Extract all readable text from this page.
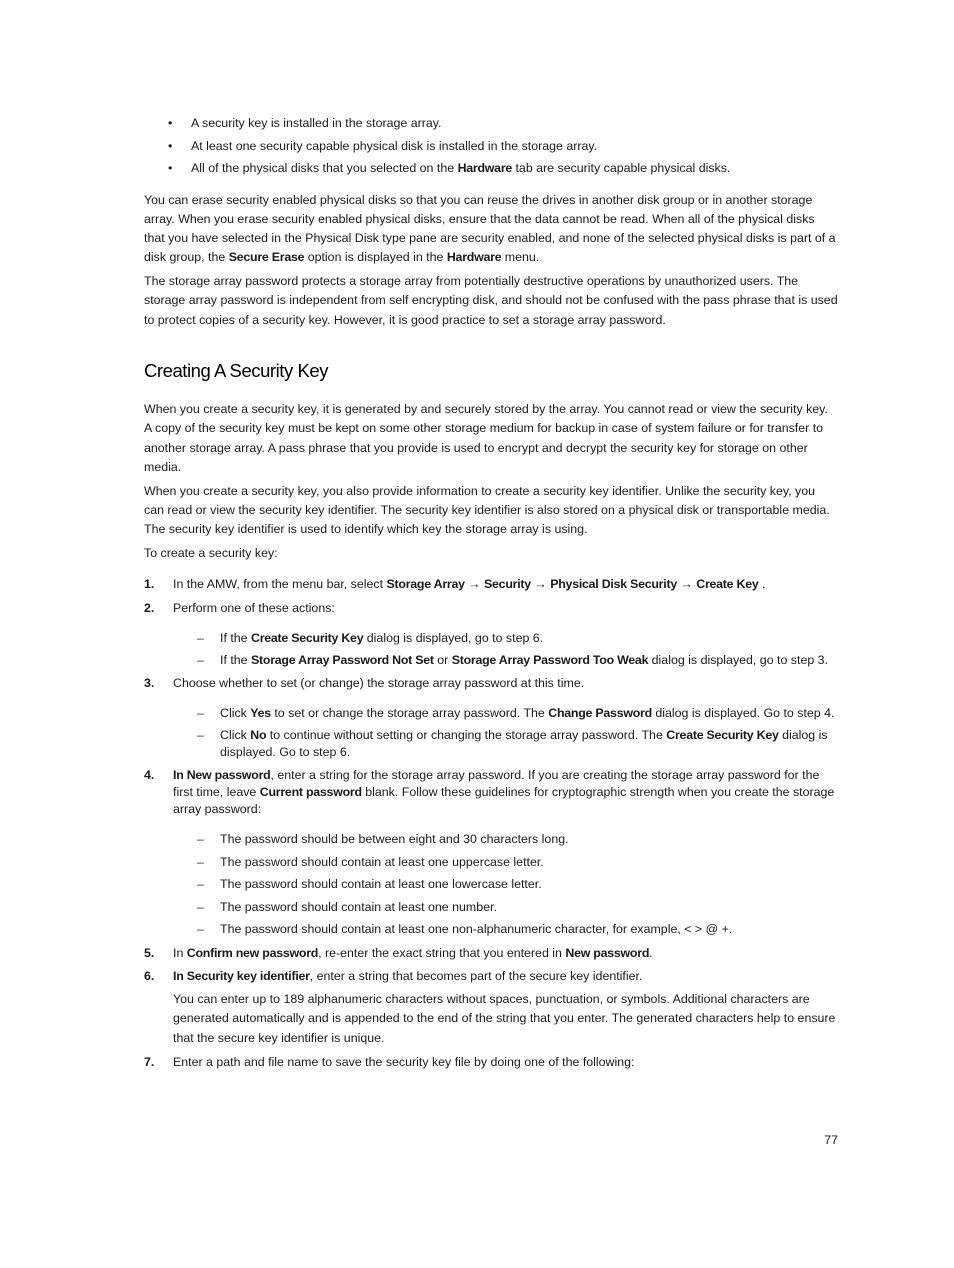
• A security key is installed in the storage array.
• At least one security capable physical disk is installed in the storage array.
• All of the physical disks that you selected on the Hardware tab are security capable physical disks.

You can erase security enabled physical disks so that you can reuse the drives in another disk group or in another storage array. When you erase security enabled physical disks, ensure that the data cannot be read. When all of the physical disks that you have selected in the Physical Disk type pane are security enabled, and none of the selected physical disks is part of a disk group, the Secure Erase option is displayed in the Hardware menu.

The storage array password protects a storage array from potentially destructive operations by unauthorized users. The storage array password is independent from self encrypting disk, and should not be confused with the pass phrase that is used to protect copies of a security key. However, it is good practice to set a storage array password.

Creating A Security Key

When you create a security key, it is generated by and securely stored by the array. You cannot read or view the security key. A copy of the security key must be kept on some other storage medium for backup in case of system failure or for transfer to another storage array. A pass phrase that you provide is used to encrypt and decrypt the security key for storage on other media.

When you create a security key, you also provide information to create a security key identifier. Unlike the security key, you can read or view the security key identifier. The security key identifier is also stored on a physical disk or transportable media. The security key identifier is used to identify which key the storage array is using.

To create a security key:

1. In the AMW, from the menu bar, select Storage Array → Security → Physical Disk Security → Create Key .
2. Perform one of these actions:
– If the Create Security Key dialog is displayed, go to step 6.
– If the Storage Array Password Not Set or Storage Array Password Too Weak dialog is displayed, go to step 3.
3. Choose whether to set (or change) the storage array password at this time.
– Click Yes to set or change the storage array password. The Change Password dialog is displayed. Go to step 4.
– Click No to continue without setting or changing the storage array password. The Create Security Key dialog is displayed. Go to step 6.
4. In New password, enter a string for the storage array password. If you are creating the storage array password for the first time, leave Current password blank. Follow these guidelines for cryptographic strength when you create the storage array password:
– The password should be between eight and 30 characters long.
– The password should contain at least one uppercase letter.
– The password should contain at least one lowercase letter.
– The password should contain at least one number.
– The password should contain at least one non-alphanumeric character, for example, < > @ +.
5. In Confirm new password, re-enter the exact string that you entered in New password.
6. In Security key identifier, enter a string that becomes part of the secure key identifier.

You can enter up to 189 alphanumeric characters without spaces, punctuation, or symbols. Additional characters are generated automatically and is appended to the end of the string that you enter. The generated characters help to ensure that the secure key identifier is unique.

7. Enter a path and file name to save the security key file by doing one of the following:
77
